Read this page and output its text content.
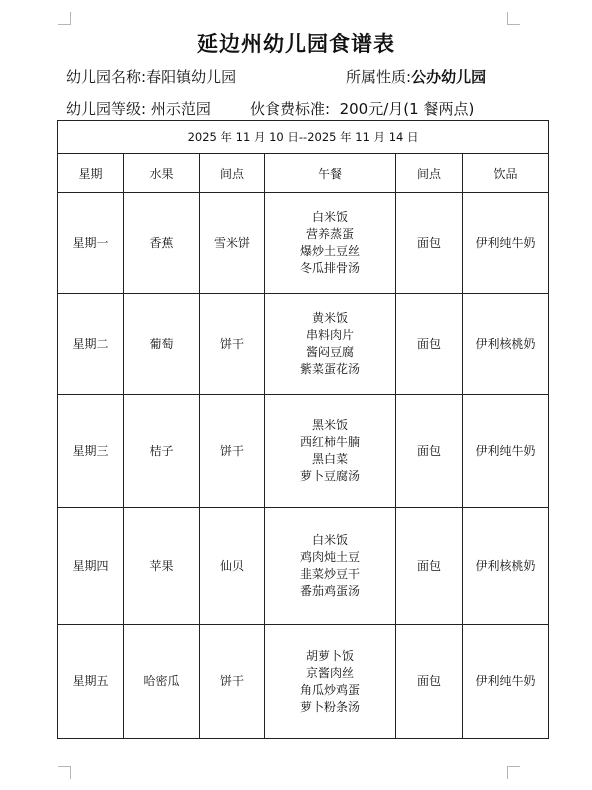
延边州幼儿园食谱表
幼儿园名称:春阳镇幼儿园	所属性质:公办幼儿园
幼儿园等级: 州示范园	伙食费标准:  200元/月(1 餐两点)
2025 年 11 月 10 日--2025 年 11 月 14 日					
星期	水果	间点	午餐	间点	饮品
星期一	香蕉	雪米饼	白米饭
营养蒸蛋
爆炒土豆丝
冬瓜排骨汤	面包	伊利纯牛奶
星期二	葡萄	饼干	黄米饭
串料肉片
酱闷豆腐
紫菜蛋花汤	面包	伊利核桃奶
星期三	桔子	饼干	黑米饭
西红柿牛腩
黑白菜
萝卜豆腐汤	面包	伊利纯牛奶
星期四	苹果	仙贝	白米饭
鸡肉炖土豆
韭菜炒豆干
番茄鸡蛋汤	面包	伊利核桃奶
星期五	哈密瓜	饼干	胡萝卜饭
京酱肉丝
角瓜炒鸡蛋
萝卜粉条汤	面包	伊利纯牛奶
